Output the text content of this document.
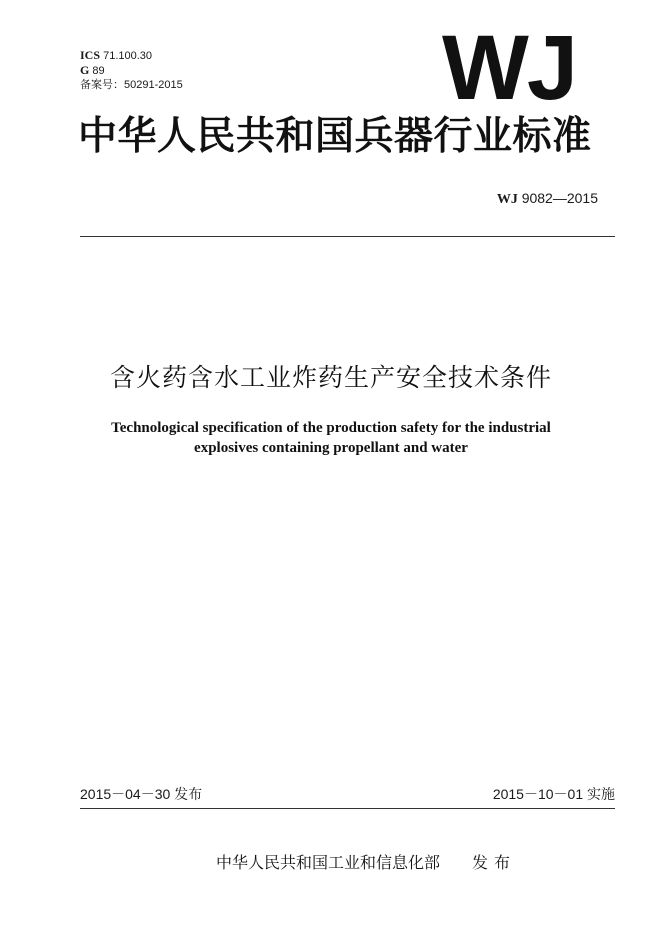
ICS 71.100.30
G 89
备案号：50291-2015	WJ
中华人民共和国兵器行业标准
WJ 9082—2015
含火药含水工业炸药生产安全技术条件
Technological specification of the production safety for the industrial
explosives containing propellant and water
2015－04－30 发布	2015－10－01 实施
中华人民共和国工业和信息化部 发布
